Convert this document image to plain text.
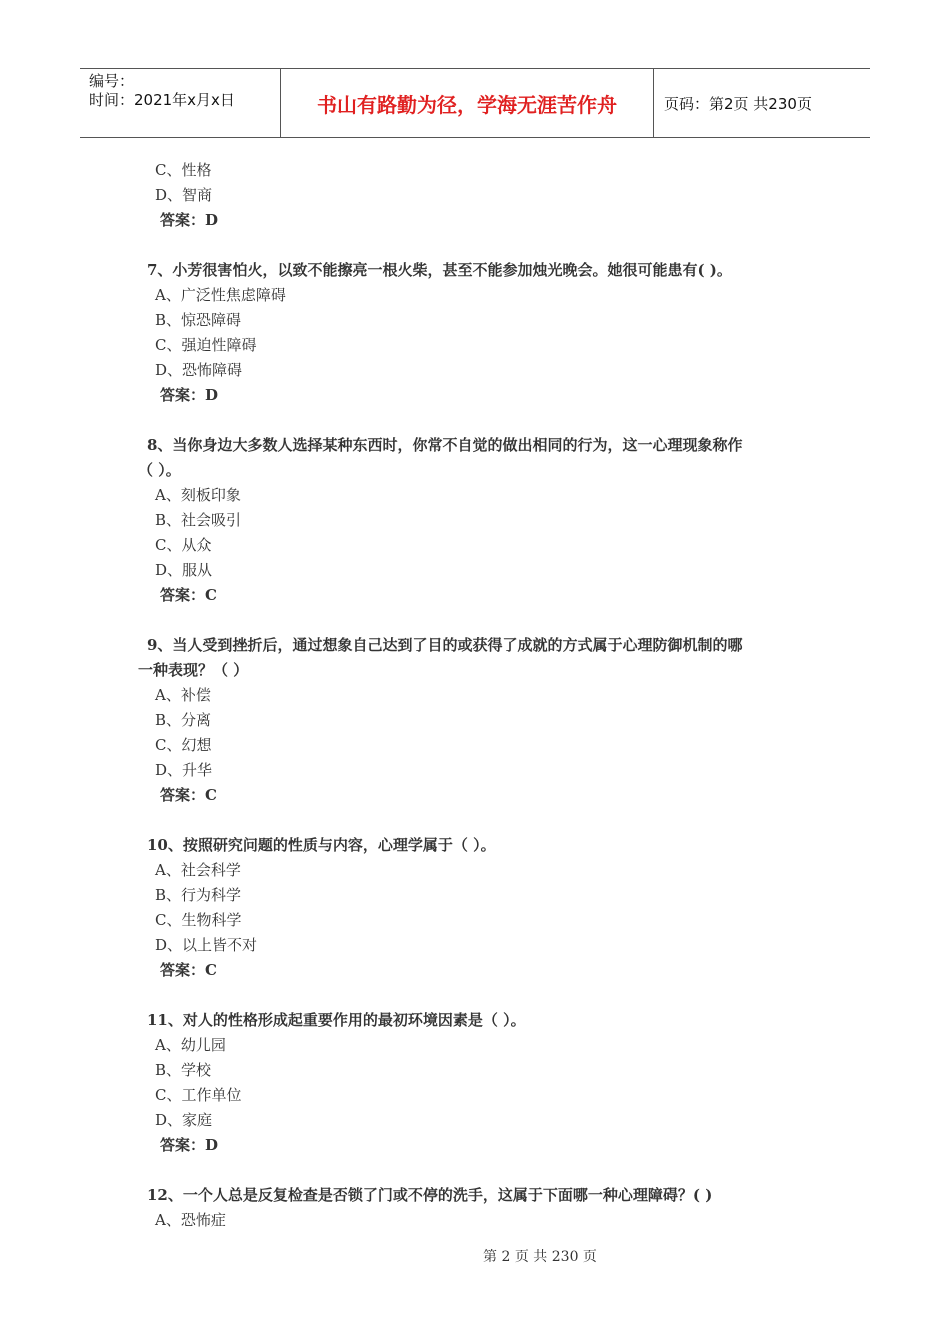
编号：
时间：2021年x月x日	书山有路勤为径，学海无涯苦作舟	页码：第2页 共230页
C、性格
D、智商
答案：D
7、小芳很害怕火，以致不能擦亮一根火柴，甚至不能参加烛光晚会。她很可能患有( )。
A、广泛性焦虑障碍
B、惊恐障碍
C、强迫性障碍
D、恐怖障碍
答案：D
8、当你身边大多数人选择某种东西时，你常不自觉的做出相同的行为，这一心理现象称作
（ ）。
A、刻板印象
B、社会吸引
C、从众
D、服从
答案：C
9、当人受到挫折后，通过想象自己达到了目的或获得了成就的方式属于心理防御机制的哪
一种表现？（ ）
A、补偿
B、分离
C、幻想
D、升华
答案：C
10、按照研究问题的性质与内容，心理学属于（ ）。
A、社会科学
B、行为科学
C、生物科学
D、以上皆不对
答案：C
11、对人的性格形成起重要作用的最初环境因素是（ ）。
A、幼儿园
B、学校
C、工作单位
D、家庭
答案：D
12、一个人总是反复检查是否锁了门或不停的洗手，这属于下面哪一种心理障碍？( )
A、恐怖症
第 2 页 共 230 页
